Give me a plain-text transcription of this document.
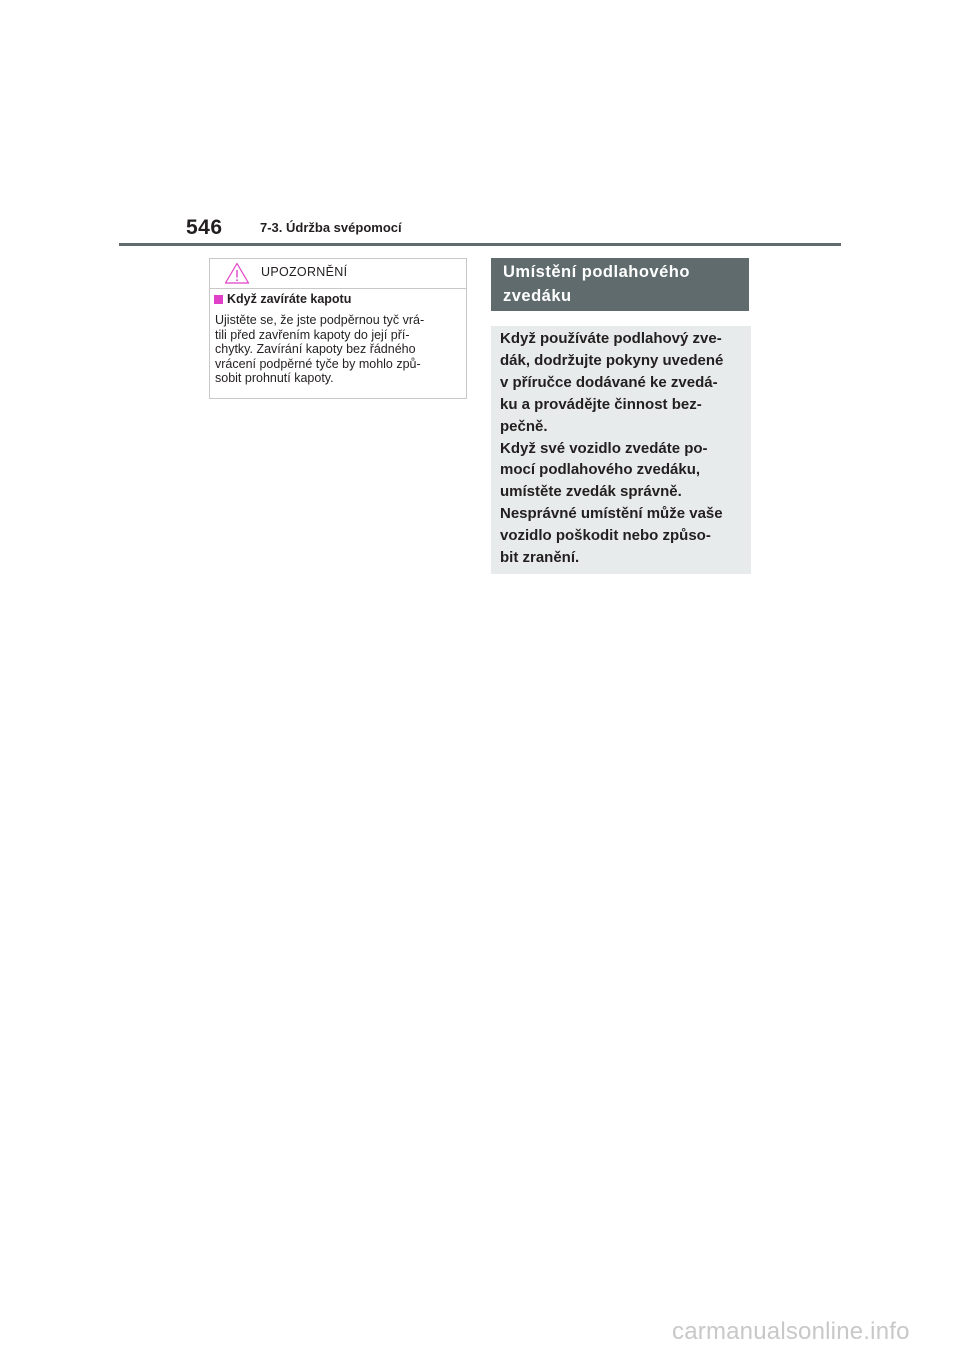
546	7-3. Údržba svépomocí
UPOZORNĚNÍ
Když zavíráte kapotu
Ujistěte se, že jste podpěrnou tyč vrá-
tili před zavřením kapoty do její pří-
chytky. Zavírání kapoty bez řádného
vrácení podpěrné tyče by mohlo způ-
sobit prohnutí kapoty.
Umístění podlahového
zvedáku
Když používáte podlahový zve-
dák, dodržujte pokyny uvedené
v příručce dodávané ke zvedá-
ku a provádějte činnost bez-
pečně.
Když své vozidlo zvedáte po-
mocí podlahového zvedáku,
umístěte zvedák správně.
Nesprávné umístění může vaše
vozidlo poškodit nebo způso-
bit zranění.
carmanualsonline.info
